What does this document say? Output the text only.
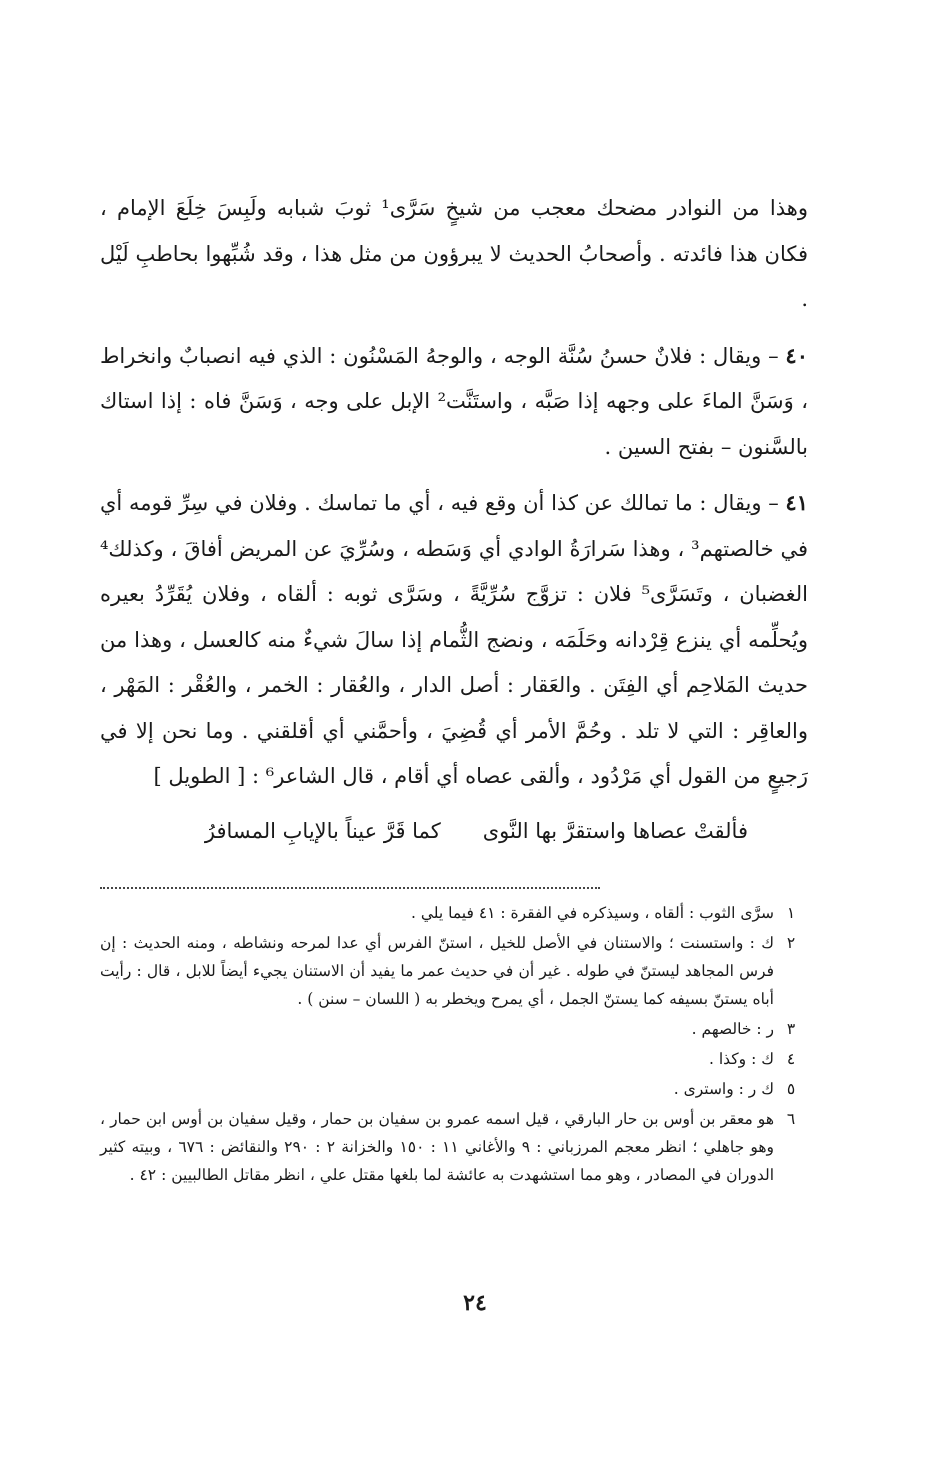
وهذا من النوادر مضحك معجب من شيخٍ سَرَّى¹ ثوبَ شبابه ولَبِسَ خِلَعَ الإمام ، فكان هذا فائدته . وأصحابُ الحديث لا يبرؤون من مثل هذا ، وقد شُبِّهوا بحاطبِ لَيْل .

٤٠ – ويقال : فلانٌ حسنُ سُنَّة الوجه ، والوجهُ المَسْنُون : الذي فيه انصبابٌ وانخراط ، وَسَنَّ الماءَ على وجهه إذا صَبَّه ، واستَنَّت² الإبل على وجه ، وَسَنَّ فاه : إذا استاك بالسَّنون – بفتح السين .

٤١ – ويقال : ما تمالك عن كذا أن وقع فيه ، أي ما تماسك . وفلان في سِرِّ قومه أي في خالصتهم³ ، وهذا سَرارَةُ الوادي أي وَسَطه ، وسُرِّيَ عن المريض أفاقَ ، وكذلك⁴ الغضبان ، وتَسَرَّى⁵ فلان : تزوَّج سُرِّيَّةً ، وسَرَّى ثوبه : ألقاه ، وفلان يُقَرِّدُ بعيره ويُحلِّمه أي ينزع قِرْدانه وحَلَمَه ، ونضج الثُّمام إذا سالَ شيءٌ منه كالعسل ، وهذا من حديث المَلاحِم أي الفِتَن . والعَقار : أصل الدار ، والعُقار : الخمر ، والعُقْر : المَهْر ، والعاقِر : التي لا تلد . وحُمَّ الأمر أي قُضِيَ ، وأحمَّني أي أقلقني . وما نحن إلا في رَجيعٍ من القول أي مَرْدُود ، وألقى عصاه أي أقام ، قال الشاعر⁶ : [ الطويل ]

فألقتْ عصاها واستقرَّ بها النَّوى
كما قَرَّ عيناً بالإيابِ المسافرُ
١
سرَّى الثوب : ألقاه ، وسيذكره في الفقرة : ٤١ فيما يلي .
٢
ك : واستسنت ؛ والاستنان في الأصل للخيل ، استنّ الفرس أي عدا لمرحه ونشاطه ، ومنه الحديث : إن فرس المجاهد ليستنّ في طوله . غير أن في حديث عمر ما يفيد أن الاستنان يجيء أيضاً للابل ، قال : رأيت أباه يستنّ بسيفه كما يستنّ الجمل ، أي يمرح ويخطر به ( اللسان – سنن ) .
٣
ر : خالصهم .
٤
ك : وكذا .
٥
ك ر : واسترى .
٦
هو معقر بن أوس بن حار البارقي ، قيل اسمه عمرو بن سفيان بن حمار ، وقيل سفيان بن أوس ابن حمار ، وهو جاهلي ؛ انظر معجم المرزباني : ٩ والأغاني ١١ : ١٥٠ والخزانة ٢ : ٢٩٠ والنقائض : ٦٧٦ ، وبيته كثير الدوران في المصادر ، وهو مما استشهدت به عائشة لما بلغها مقتل علي ، انظر مقاتل الطالبيين : ٤٢ .
٢٤
